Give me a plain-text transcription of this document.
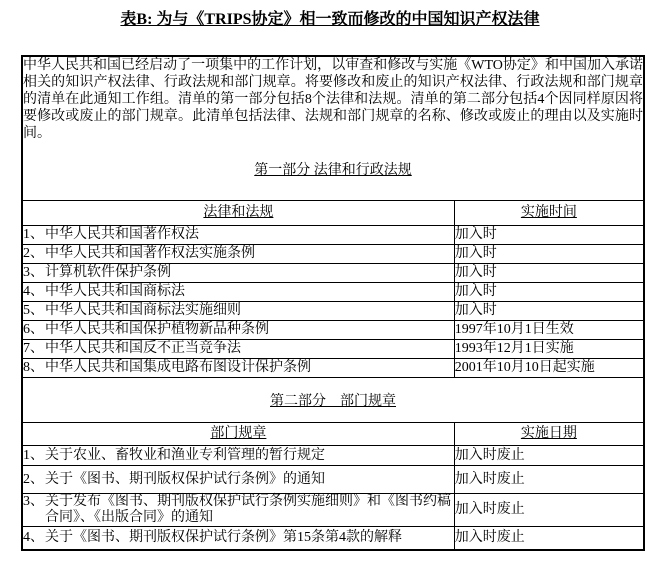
表B: 为与《TRIPS协定》相一致而修改的中国知识产权法律

中华人民共和国已经启动了一项集中的工作计划，以审查和修改与实施《WTO协定》和中国加入承诺相关的知识产权法律、行政法规和部门规章。将要修改和废止的知识产权法律、行政法规和部门规章的清单在此通知工作组。清单的第一部分包括8个法律和法规。清单的第二部分包括4个因同样原因将要修改或废止的部门规章。此清单包括法律、法规和部门规章的名称、修改或废止的理由以及实施时间。

第一部分 法律和行政法规	

法律和法规	实施时间

1、 中华人民共和国著作权法	加入时

2、 中华人民共和国著作权法实施条例	加入时

3、 计算机软件保护条例	加入时

4、 中华人民共和国商标法	加入时

5、 中华人民共和国商标法实施细则	加入时

6、 中华人民共和国保护植物新品种条例	1997年10月1日生效

7、 中华人民共和国反不正当竞争法	1993年12月1日实施

8、 中华人民共和国集成电路布图设计保护条例	2001年10月10日起实施
第二部分　部门规章	
部门规章	实施日期

1、 关于农业、畜牧业和渔业专利管理的暂行规定	加入时废止

2、 关于《图书、期刊版权保护试行条例》的通知	加入时废止

3、 关于发布《图书、期刊版权保护试行条例实施细则》和《图书约稿合同》、《出版合同》的通知	加入时废止

4、 关于《图书、期刊版权保护试行条例》第15条第4款的解释	加入时废止
